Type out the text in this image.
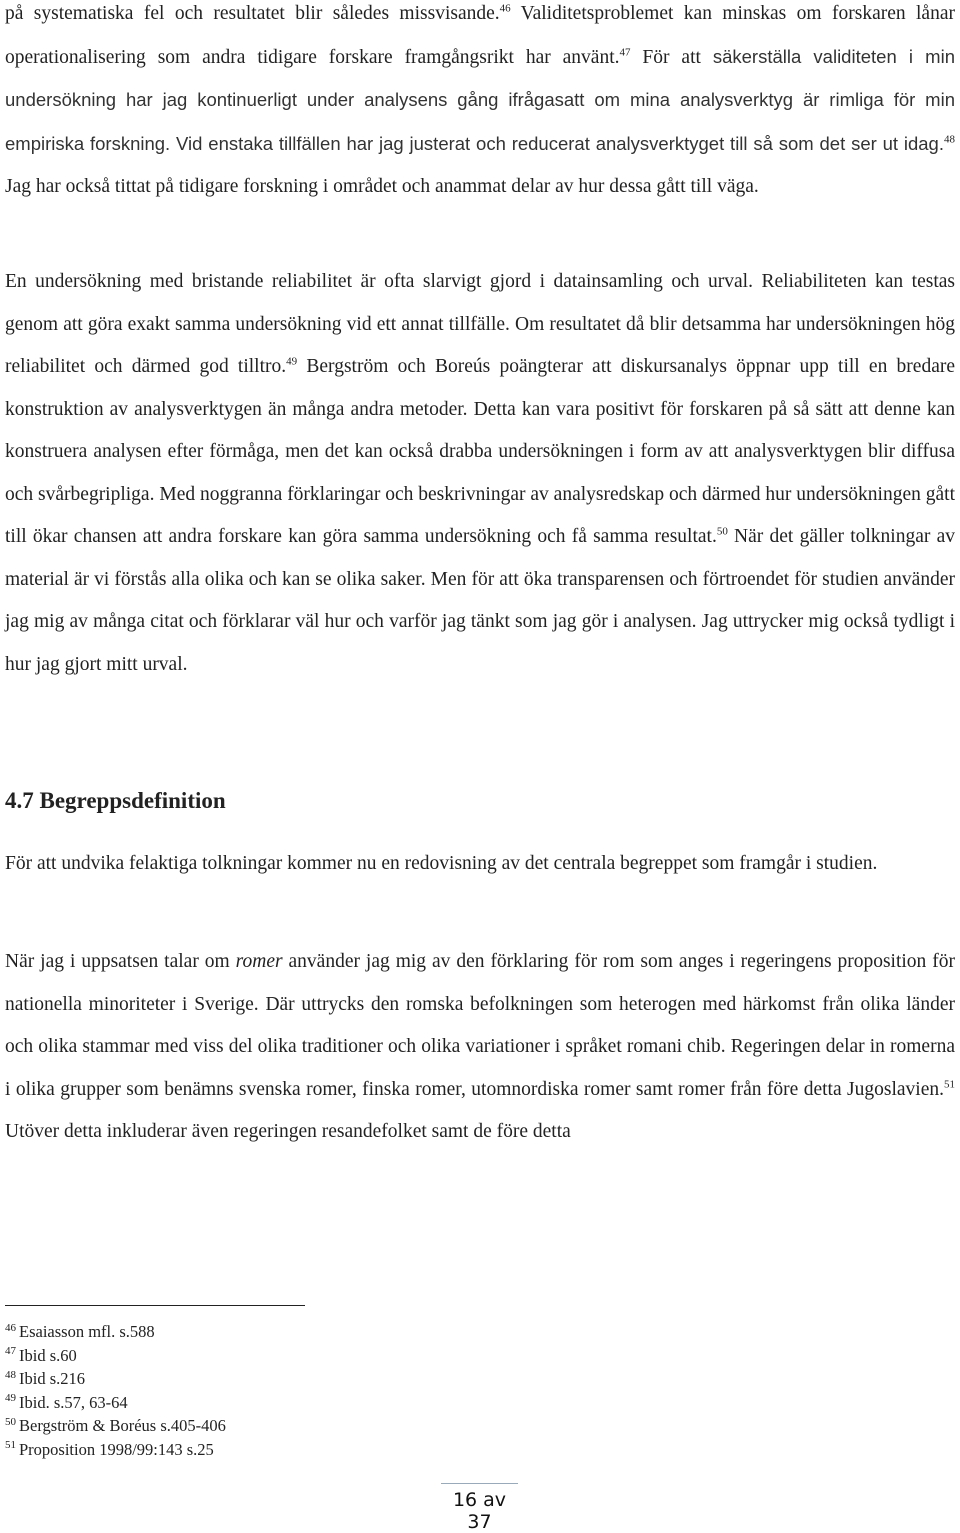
på systematiska fel och resultatet blir således missvisande.$^{46}$ Validitetsproblemet kan minskas om forskaren lånar operationalisering som andra tidigare forskare framgångsrikt har använt.$^{47}$ För att säkerställa validiteten i min undersökning har jag kontinuerligt under analysens gång ifrågasatt om mina analysverktyg är rimliga för min empiriska forskning. Vid enstaka tillfällen har jag justerat och reducerat analysverktyget till så som det ser ut idag.$^{48}$ Jag har också tittat på tidigare forskning i området och anammat delar av hur dessa gått till väga.

En undersökning med bristande reliabilitet är ofta slarvigt gjord i datainsamling och urval. Reliabiliteten kan testas genom att göra exakt samma undersökning vid ett annat tillfälle. Om resultatet då blir detsamma har undersökningen hög reliabilitet och därmed god tilltro.$^{49}$ Bergström och Boreús poängterar att diskursanalys öppnar upp till en bredare konstruktion av analysverktygen än många andra metoder. Detta kan vara positivt för forskaren på så sätt att denne kan konstruera analysen efter förmåga, men det kan också drabba undersökningen i form av att analysverktygen blir diffusa och svårbegripliga. Med noggranna förklaringar och beskrivningar av analysredskap och därmed hur undersökningen gått till ökar chansen att andra forskare kan göra samma undersökning och få samma resultat.$^{50}$ När det gäller tolkningar av material är vi förstås alla olika och kan se olika saker. Men för att öka transparensen och förtroendet för studien använder jag mig av många citat och förklarar väl hur och varför jag tänkt som jag gör i analysen. Jag uttrycker mig också tydligt i hur jag gjort mitt urval.

4.7 Begreppsdefinition

För att undvika felaktiga tolkningar kommer nu en redovisning av det centrala begreppet som framgår i studien.

När jag i uppsatsen talar om romer använder jag mig av den förklaring för rom som anges i regeringens proposition för nationella minoriteter i Sverige. Där uttrycks den romska befolkningen som heterogen med härkomst från olika länder och olika stammar med viss del olika traditioner och olika variationer i språket romani chib. Regeringen delar in romerna i olika grupper som benämns svenska romer, finska romer, utomnordiska romer samt romer från före detta Jugoslavien.$^{51}$ Utöver detta inkluderar även regeringen resandefolket samt de före detta

$^{46}$ Esaiasson mfl. s.588
$^{47}$ Ibid s.60
$^{48}$ Ibid s.216
$^{49}$ Ibid. s.57, 63-64
$^{50}$ Bergström & Boréus s.405-406
$^{51}$ Proposition 1998/99:143 s.25
16 av 37
